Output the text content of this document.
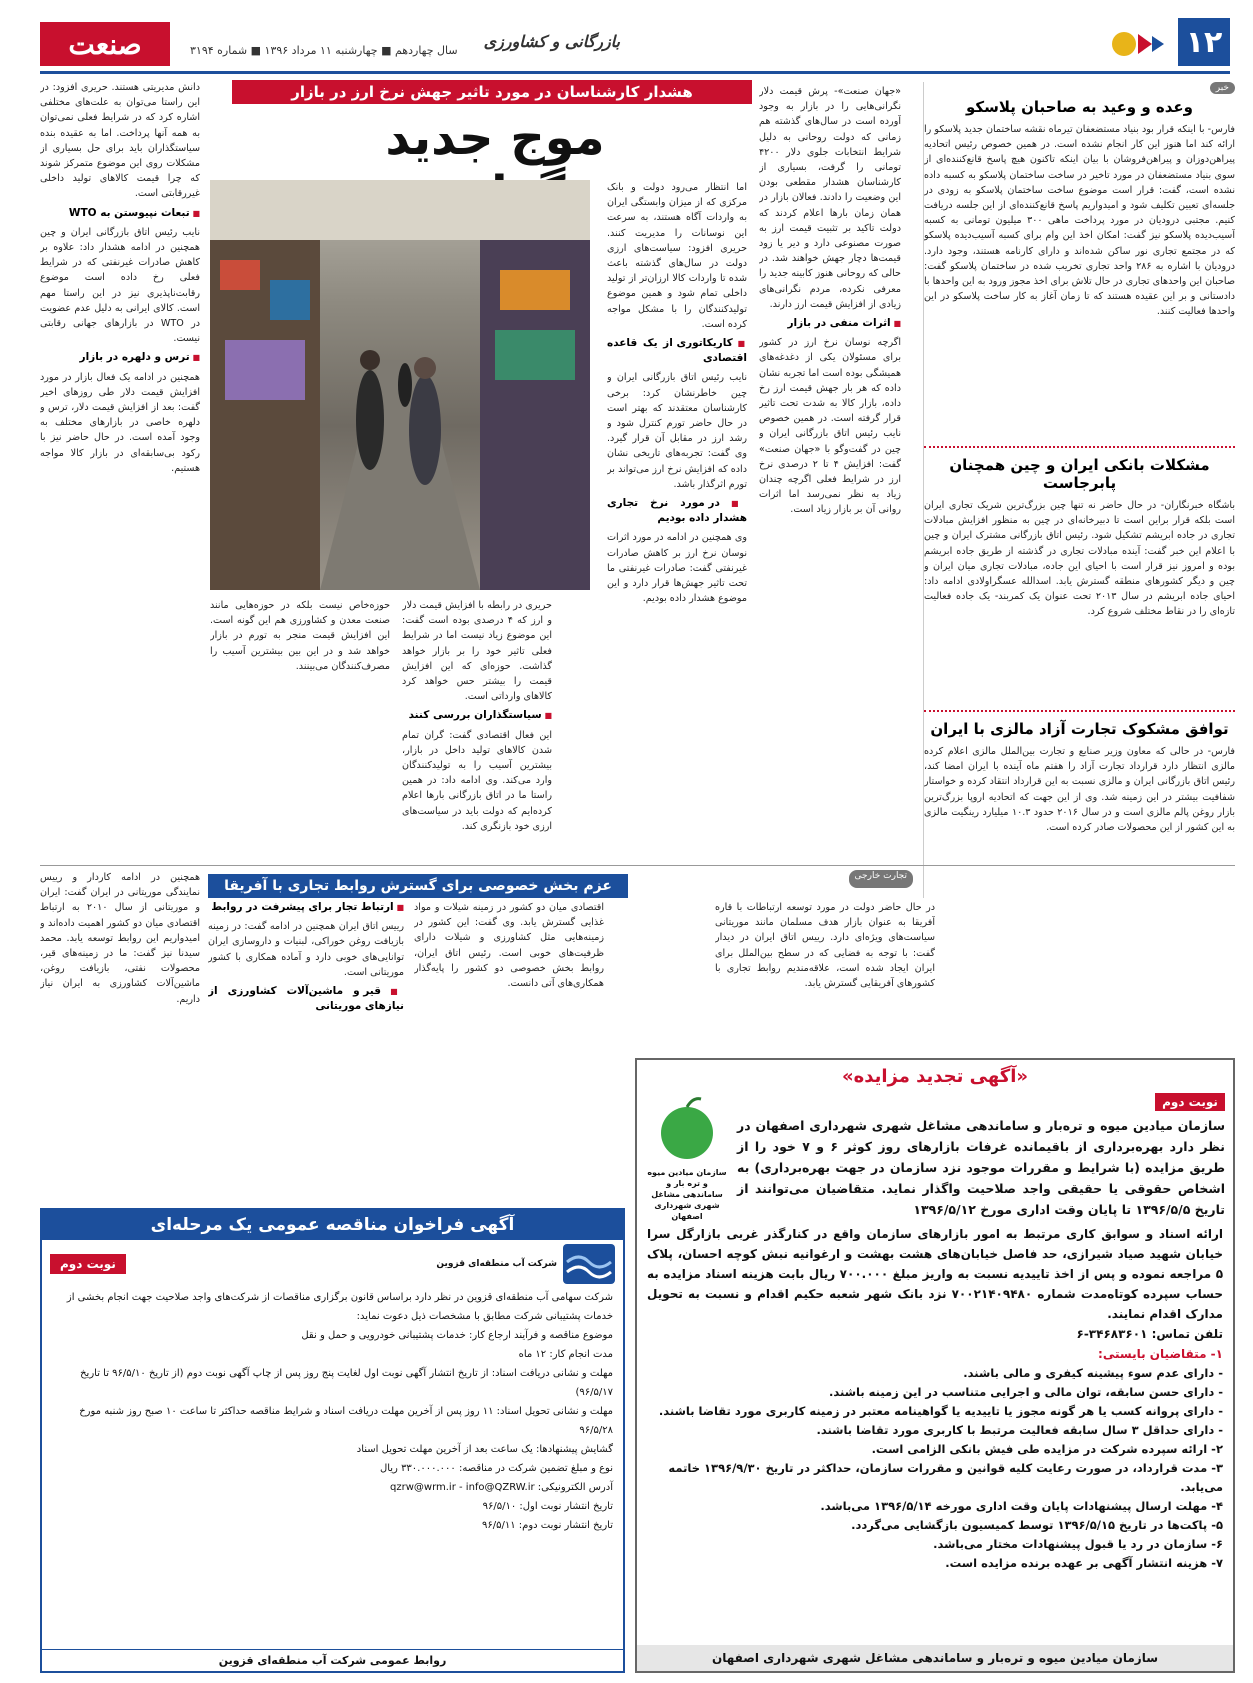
۱۲
بازرگانی و کشاورزی
سال چهاردهم ■ چهارشنبه ۱۱ مرداد ۱۳۹۶ ■ شماره ۳۱۹۴
صنعت
خبر
وعده و وعید به صاحبان پلاسکو
فارس- با اینکه قرار بود بنیاد مستضعفان تیرماه نقشه ساختمان جدید پلاسکو را ارائه کند اما هنوز این کار انجام نشده است. در همین خصوص رئیس اتحادیه پیراهن‌دوزان و پیراهن‌فروشان با بیان اینکه تاکنون هیچ پاسخ قانع‌کننده‌ای از سوی بنیاد مستضعفان در مورد تاخیر در ساخت ساختمان پلاسکو به کسبه داده نشده است، گفت: قرار است موضوع ساخت ساختمان پلاسکو به زودی در جلسه‌ای تعیین تکلیف شود و امیدواریم پاسخ قانع‌کننده‌ای از این جلسه دریافت کنیم. مجتبی درودیان در مورد پرداخت ماهی ۳۰۰ میلیون تومانی به کسبه آسیب‌دیده پلاسکو نیز گفت: امکان اخذ این وام برای کسبه آسیب‌دیده پلاسکو که در مجتمع تجاری نور ساکن شده‌اند و دارای کارنامه هستند، وجود دارد. درودیان با اشاره به ۲۸۶ واحد تجاری تخریب شده در ساختمان پلاسکو گفت: صاحبان این واحدهای تجاری در حال تلاش برای اخذ مجوز ورود به این واحدها با دادستانی و بر این عقیده هستند که تا زمان آغاز به کار ساخت پلاسکو در این واحدها فعالیت کنند.
مشکلات بانکی ایران و چین همچنان پابرجاست
باشگاه خبرنگاران- در حال حاضر نه تنها چین بزرگ‌ترین شریک تجاری ایران است بلکه قرار براین است تا دبیرخانه‌ای در چین به منظور افزایش مبادلات تجاری در جاده ابریشم تشکیل شود. رئیس اتاق بازرگانی مشترک ایران و چین با اعلام این خبر گفت: آینده مبادلات تجاری در گذشته از طریق جاده ابریشم بوده و امروز نیز قرار است با احیای این جاده، مبادلات تجاری میان ایران و چین و دیگر کشورهای منطقه گسترش یابد. اسدالله عسگراولادی ادامه داد: احیای جاده ابریشم در سال ۲۰۱۳ تحت عنوان یک کمربند- یک جاده فعالیت تازه‌ای را در نقاط مختلف شروع کرد.
توافق مشکوک تجارت آزاد مالزی با ایران
فارس- در حالی که معاون وزیر صنایع و تجارت بین‌الملل مالزی اعلام کرده مالزی انتظار دارد قرارداد تجارت آزاد را هفتم ماه آینده با ایران امضا کند، رئیس اتاق بازرگانی ایران و مالزی نسبت به این قرارداد انتقاد کرده و خواستار شفافیت بیشتر در این زمینه شد. وی از این جهت که اتحادیه اروپا بزرگ‌ترین بازار روغن پالم مالزی است و در سال ۲۰۱۶ حدود ۱۰.۳ میلیارد رینگیت مالزی به این کشور از این محصولات صادر کرده است.
هشدار کارشناسان در مورد تاثیر جهش نرخ ارز در بازار
موج جدید

«جهان صنعت»- پرش قیمت دلار نگرانی‌هایی را در بازار به وجود آورده است در سال‌های گذشته هم زمانی که دولت روحانی به دلیل شرایط انتخابات جلوی دلار ۴۲۰۰ تومانی را گرفت، بسیاری از کارشناسان هشدار مقطعی بودن این وضعیت را دادند. فعالان بازار در همان زمان بارها اعلام کردند که دولت تاکید بر تثبیت قیمت ارز به صورت مصنوعی دارد و دیر یا زود قیمت‌ها دچار جهش خواهند شد. در حالی که روحانی هنوز کابینه جدید را معرفی نکرده، مردم نگرانی‌های زیادی از افزایش قیمت ارز دارند.

■ اثرات منفی در بازار

اگرچه نوسان نرخ ارز در کشور برای مسئولان یکی از دغدغه‌های همیشگی بوده است اما تجربه نشان داده که هر بار جهش قیمت ارز رخ داده، بازار کالا به شدت تحت تاثیر قرار گرفته است. در همین خصوص نایب رئیس اتاق بازرگانی ایران و چین در گفت‌وگو با «جهان صنعت» گفت: افزایش ۴ تا ۲ درصدی نرخ ارز در شرایط فعلی اگرچه چندان زیاد به نظر نمی‌رسد اما اثرات روانی آن بر بازار زیاد است.

اما انتظار می‌رود دولت و بانک مرکزی که از میزان وابستگی ایران به واردات آگاه هستند، به سرعت این نوسانات را مدیریت کنند. حریری افزود: سیاست‌های ارزی دولت در سال‌های گذشته باعث شده تا واردات کالا ارزان‌تر از تولید داخلی تمام شود و همین موضوع تولیدکنندگان را با مشکل مواجه کرده است.

■ کاریکاتوری از یک قاعده اقتصادی

نایب رئیس اتاق بازرگانی ایران و چین خاطرنشان کرد: برخی کارشناسان معتقدند که بهتر است در حال حاضر تورم کنترل شود و رشد ارز در مقابل آن قرار گیرد. وی گفت: تجربه‌های تاریخی نشان داده که افزایش نرخ ارز می‌تواند بر تورم اثرگذار باشد.

■ در مورد نرخ تجاری هشدار داده بودیم

وی همچنین در ادامه در مورد اثرات نوسان نرخ ارز بر کاهش صادرات غیرنفتی گفت: صادرات غیرنفتی ما تحت تاثیر جهش‌ها قرار دارد و این موضوع هشدار داده بودیم.

حریری در رابطه با افزایش قیمت دلار و ارز که ۴ درصدی بوده است گفت: این موضوع زیاد نیست اما در شرایط فعلی تاثیر خود را بر بازار خواهد گذاشت. حوزه‌ای که این افزایش قیمت را بیشتر حس خواهد کرد کالاهای وارداتی است.

■ سیاستگذاران بررسی کنند

این فعال اقتصادی گفت: گران تمام شدن کالاهای تولید داخل در بازار، بیشترین آسیب را به تولیدکنندگان وارد می‌کند. وی ادامه داد: در همین راستا ما در اتاق بازرگانی بارها اعلام کرده‌ایم که دولت باید در سیاست‌های ارزی خود بازنگری کند.

حوزه‌خاص نیست بلکه در حوزه‌هایی مانند صنعت معدن و کشاورزی هم این گونه است. این افزایش قیمت منجر به تورم در بازار خواهد شد و در این بین بیشترین آسیب را مصرف‌کنندگان می‌بینند.

دانش مدیریتی هستند. حریری افزود: در این راستا می‌توان به علت‌های مختلفی اشاره کرد که در شرایط فعلی نمی‌توان به همه آنها پرداخت. اما به عقیده بنده سیاستگذاران باید برای حل بسیاری از مشکلات روی این موضوع متمرکز شوند که چرا قیمت کالاهای تولید داخلی غیررقابتی است.

■ تبعات نپیوستن به WTO

نایب رئیس اتاق بازرگانی ایران و چین همچنین در ادامه هشدار داد: علاوه بر کاهش صادرات غیرنفتی که در شرایط فعلی رخ داده است موضوع رقابت‌ناپذیری نیز در این راستا مهم است. کالای ایرانی به دلیل عدم عضویت در WTO در بازارهای جهانی رقابتی نیست.

■ ترس و دلهره در بازار

همچنین در ادامه یک فعال بازار در مورد افزایش قیمت دلار طی روزهای اخیر گفت: بعد از افزایش قیمت دلار، ترس و دلهره خاصی در بازارهای مختلف به وجود آمده است. در حال حاضر نیز با رکود بی‌سابقه‌ای در بازار کالا مواجه هستیم.

تجارت خارجی
عزم بخش خصوصی برای گسترش روابط تجاری با آفریقا

در حال حاضر دولت در مورد توسعه ارتباطات با قاره آفریقا به عنوان بازار هدف مسلمان مانند موریتانی سیاست‌های ویژه‌ای دارد. رییس اتاق ایران در دیدار گفت: با توجه به فضایی که در سطح بین‌الملل برای ایران ایجاد شده است، علاقه‌مندیم روابط تجاری با کشورهای آفریقایی گسترش یابد.

اقتصادی میان دو کشور در زمینه شیلات و مواد غذایی گسترش یابد. وی گفت: این کشور در زمینه‌هایی مثل کشاورزی و شیلات دارای ظرفیت‌های خوبی است. رئیس اتاق ایران، روابط بخش خصوصی دو کشور را پایه‌گذار همکاری‌های آتی دانست.

■ ارتباط تجار برای پیشرفت در روابط

رییس اتاق ایران همچنین در ادامه گفت: در زمینه بازیافت روغن خوراکی، لبنیات و داروسازی ایران توانایی‌های خوبی دارد و آماده همکاری با کشور موریتانی است.

■ قیر و ماشین‌آلات کشاورزی از نیازهای موریتانی

همچنین در ادامه کاردار و رییس نمایندگی موریتانی در ایران گفت: ایران و موریتانی از سال ۲۰۱۰ به ارتباط اقتصادی میان دو کشور اهمیت داده‌اند و امیدواریم این روابط توسعه یابد. محمد سیدنا نیز گفت: ما در زمینه‌های قیر، محصولات نفتی، بازیافت روغن، ماشین‌آلات کشاورزی به ایران نیاز داریم.

آگهی فراخوان مناقصه عمومی یک مرحله‌ای
شرکت آب منطقه‌ای قزوین
نوبت دوم
شرکت سهامی آب منطقه‌ای قزوین در نظر دارد براساس قانون برگزاری مناقصات از شرکت‌های واجد صلاحیت جهت انجام بخشی از خدمات پشتیبانی شرکت مطابق با مشخصات ذیل دعوت نماید:
موضوع مناقصه و فرآیند ارجاع کار: خدمات پشتیبانی خودرویی و حمل و نقل
مدت انجام کار: ۱۲ ماه
مهلت و نشانی دریافت اسناد: از تاریخ انتشار آگهی نوبت اول لغایت پنج روز پس از چاپ آگهی نوبت دوم (از تاریخ ۹۶/۵/۱۰ تا تاریخ ۹۶/۵/۱۷)
مهلت و نشانی تحویل اسناد: ۱۱ روز پس از آخرین مهلت دریافت اسناد و شرایط مناقصه حداکثر تا ساعت ۱۰ صبح روز شنبه مورخ ۹۶/۵/۲۸
گشایش پیشنهادها: یک ساعت بعد از آخرین مهلت تحویل اسناد
نوع و مبلغ تضمین شرکت در مناقصه: ۳۳۰.۰۰۰.۰۰۰ ریال
آدرس الکترونیکی: qzrw@wrm.ir - info@QZRW.ir
تاریخ انتشار نوبت اول: ۹۶/۵/۱۰
تاریخ انتشار نوبت دوم: ۹۶/۵/۱۱
روابط عمومی شرکت آب منطقه‌ای قزوین
«آگهی تجدید مزایده»
نوبت دوم
سازمان میادین میوه و تره‌بار و ساماندهی مشاغل شهری شهرداری اصفهان در نظر دارد بهره‌برداری از باقیمانده غرفات بازارهای روز کوثر ۶ و ۷ خود را از طریق مزایده (با شرایط و مقررات موجود نزد سازمان در جهت بهره‌برداری) به اشخاص حقوقی یا حقیقی واجد صلاحیت واگذار نماید. متقاضیان می‌توانند از تاریخ ۱۳۹۶/۵/۵ تا پایان وقت اداری مورخ ۱۳۹۶/۵/۱۲
سازمان میادین میوه و تره بار و ساماندهی مشاغل شهری شهرداری اصفهان
ارائه اسناد و سوابق کاری مرتبط به امور بازارهای سازمان واقع در کنارگذر غربی بازارگل سرا خیابان شهید صیاد شیرازی، حد فاصل خیابان‌های هشت بهشت و ارغوانیه نبش کوچه احسان، پلاک ۵ مراجعه نموده و پس از اخذ تاییدیه نسبت به واریز مبلغ ۷۰۰.۰۰۰ ریال بابت هزینه اسناد مزایده به حساب سپرده کوتاه‌مدت شماره ۷۰۰۲۱۴۰۹۴۸۰ نزد بانک شهر شعبه حکیم اقدام و نسبت به تحویل مدارک اقدام نمایند.
تلفن تماس: ۳۴۶۸۳۶۰۱-۶
۱- متقاضیان بایستی:
- دارای عدم سوء پیشینه کیفری و مالی باشند.
- دارای حسن سابقه، توان مالی و اجرایی متناسب در این زمینه باشند.
- دارای پروانه کسب یا هر گونه مجوز یا تاییدیه یا گواهینامه معتبر در زمینه کاربری مورد تقاضا باشند.
- دارای حداقل ۳ سال سابقه فعالیت مرتبط با کاربری مورد تقاضا باشند.
۲- ارائه سپرده شرکت در مزایده طی فیش بانکی الزامی است.
۳- مدت قرارداد، در صورت رعایت کلیه قوانین و مقررات سازمان، حداکثر در تاریخ ۱۳۹۶/۹/۳۰ خاتمه می‌یابد.
۴- مهلت ارسال پیشنهادات پایان وقت اداری مورخه ۱۳۹۶/۵/۱۴ می‌باشد.
۵- پاکت‌ها در تاریخ ۱۳۹۶/۵/۱۵ توسط کمیسیون بازگشایی می‌گردد.
۶- سازمان در رد یا قبول پیشنهادات مختار می‌باشد.
۷- هزینه انتشار آگهی بر عهده برنده مزایده است.
سازمان میادین میوه و تره‌بار و ساماندهی مشاغل شهری شهرداری اصفهان
